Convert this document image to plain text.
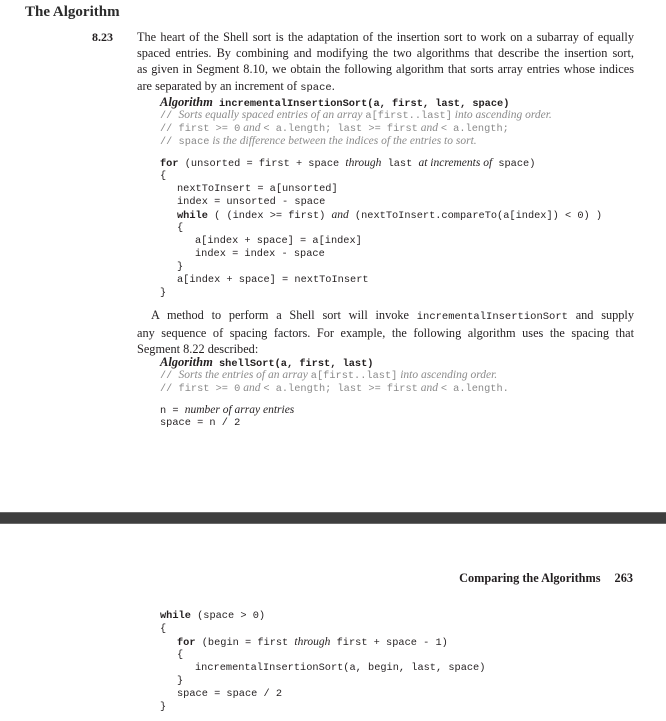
The Algorithm
8.23 The heart of the Shell sort is the adaptation of the insertion sort to work on a subarray of equally
spaced entries. By combining and modifying the two algorithms that describe the insertion sort,
as given in Segment 8.10, we obtain the following algorithm that sorts array entries whose indices
are separated by an increment of space.
Algorithm incrementalInsertionSort(a, first, last, space)
// Sorts equally spaced entries of an array a[first..last] into ascending order.
// first >= 0 and < a.length; last >= first and < a.length;
// space is the difference between the indices of the entries to sort.
for (unsorted = first + space through last at increments of space)
{
nextToInsert = a[unsorted]
index = unsorted - space
while ( (index >= first) and (nextToInsert.compareTo(a[index]) < 0) )
{
a[index + space] = a[index]
index = index - space
}
a[index + space] = nextToInsert
}
A method to perform a Shell sort will invoke incrementalInsertionSort and supply
any sequence of spacing factors. For example, the following algorithm uses the spacing that
Segment 8.22 described:
Algorithm shellSort(a, first, last)
// Sorts the entries of an array a[first..last] into ascending order.
// first >= 0 and < a.length; last >= first and < a.length.
n = number of array entries
space = n / 2
Comparing the Algorithms 263
while (space > 0)
{
for (begin = first through first + space - 1)
{
incrementalInsertionSort(a, begin, last, space)
}
space = space / 2
}
